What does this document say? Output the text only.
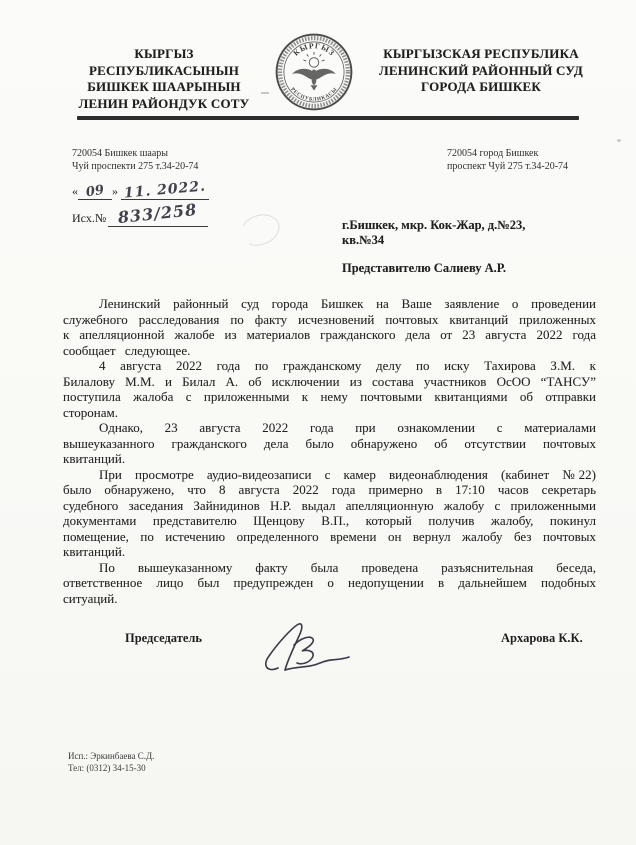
КЫРГЫЗ РЕСПУБЛИКАСЫНЫН
БИШКЕК ШААРЫНЫН
ЛЕНИН РАЙОНДУК СОТУ
КЫРГЫЗ
РЕСПУБЛИКАСЫ
КЫРГЫЗСКАЯ РЕСПУБЛИКА
ЛЕНИНСКИЙ РАЙОННЫЙ СУД
ГОРОДА БИШКЕК
720054 Бишкек шаары
Чуй проспекти 275 т.34-20-74
720054 город Бишкек
проспект Чуй 275 т.34-20-74
« 09 » 11. 2022.
Исх.№ 833/258	г.Бишкек, мкр. Кок-Жар, д.№23,
кв.№34
Представителю Салиеву А.Р.

Ленинский районный суд города Бишкек на Ваше заявление о проведении служебного расследования по факту исчезновений почтовых квитанций приложенных к апелляционной жалобе из материалов гражданского дела от 23 августа 2022 года сообщает следующее.

4 августа 2022 года по гражданскому делу по иску Тахирова З.М. к Билалову М.М. и Билал А. об исключении из состава участников ОсОО “ТАНСУ” поступила жалоба с приложенными к нему почтовыми квитанциями об отправки сторонам.

Однако, 23 августа 2022 года при ознакомлении с материалами вышеуказанного гражданского дела было обнаружено об отсутствии почтовых квитанций.

При просмотре аудио-видеозаписи с камер видеонаблюдения (кабинет №22) было обнаружено, что 8 августа 2022 года примерно в 17:10 часов секретарь судебного заседания Зайнидинов Н.Р. выдал апелляционную жалобу с приложенными документами представителю Щенцову В.П., который получив жалобу, покинул помещение, по истечению определенного времени он вернул жалобу без почтовых квитанций.

По вышеуказанному факту была проведена разъяснительная беседа, ответственное лицо был предупрежден о недопущении в дальнейшем подобных ситуаций.

Председатель	Архарова К.К.
Исп.: Эркинбаева С.Д.
Тел: (0312) 34-15-30
